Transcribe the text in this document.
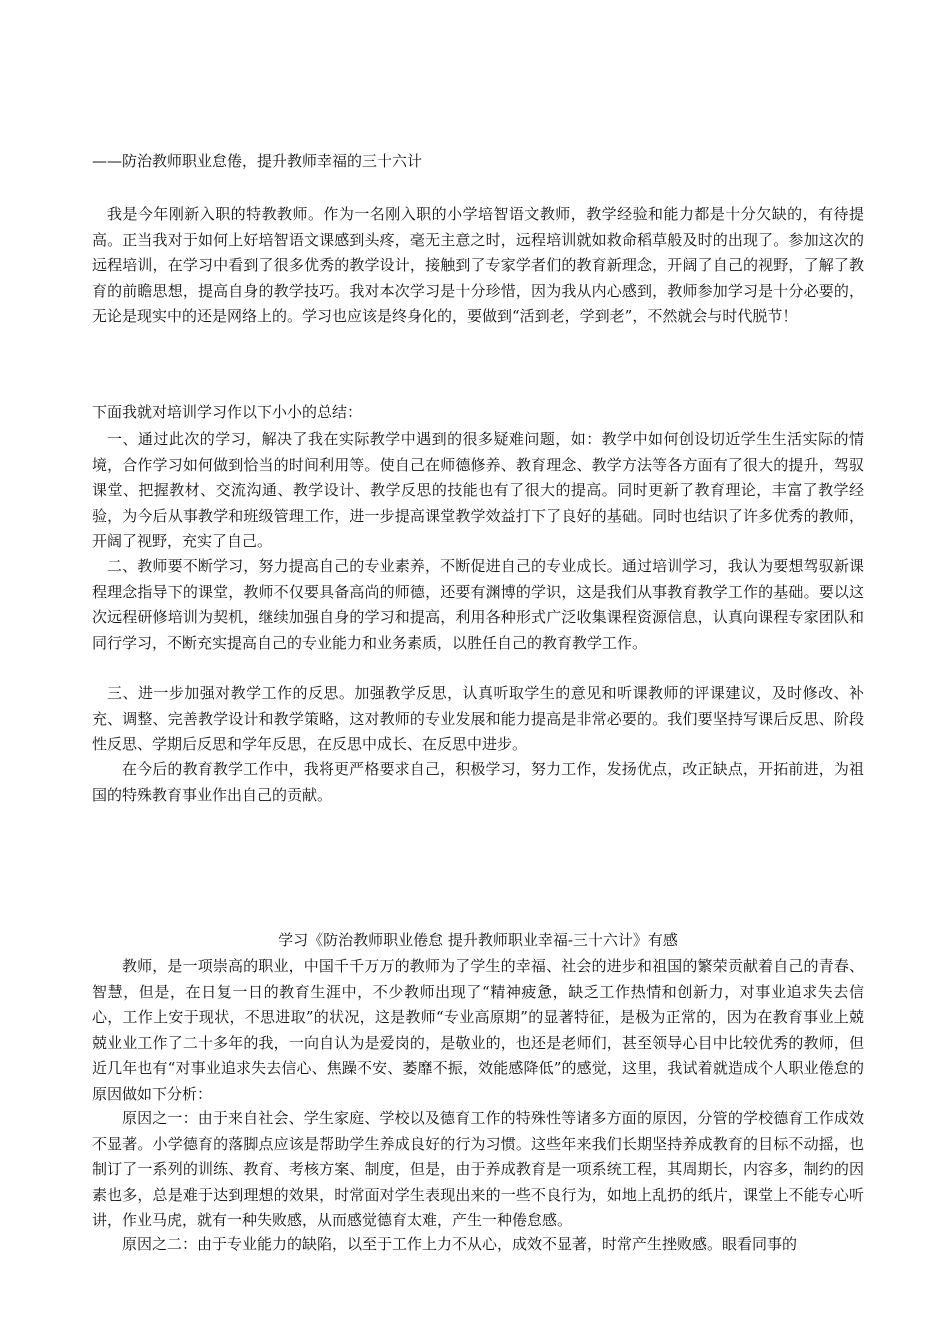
——防治教师职业怠倦，提升教师幸福的三十六计

我是今年刚新入职的特教教师。作为一名刚入职的小学培智语文教师，教学经验和能力都是十分欠缺的，有待提高。正当我对于如何上好培智语文课感到头疼，毫无主意之时，远程培训就如救命稻草般及时的出现了。参加这次的远程培训，在学习中看到了很多优秀的教学设计，接触到了专家学者们的教育新理念，开阔了自己的视野，了解了教育的前瞻思想，提高自身的教学技巧。我对本次学习是十分珍惜，因为我从内心感到，教师参加学习是十分必要的，无论是现实中的还是网络上的。学习也应该是终身化的，要做到“活到老，学到老”，不然就会与时代脱节！

下面我就对培训学习作以下小小的总结：

一、通过此次的学习，解决了我在实际教学中遇到的很多疑难问题，如：教学中如何创设切近学生生活实际的情境，合作学习如何做到恰当的时间利用等。使自己在师德修养、教育理念、教学方法等各方面有了很大的提升，驾驭课堂、把握教材、交流沟通、教学设计、教学反思的技能也有了很大的提高。同时更新了教育理论，丰富了教学经验，为今后从事教学和班级管理工作，进一步提高课堂教学效益打下了良好的基础。同时也结识了许多优秀的教师，开阔了视野，充实了自己。

二、教师要不断学习，努力提高自己的专业素养，不断促进自己的专业成长。通过培训学习，我认为要想驾驭新课程理念指导下的课堂，教师不仅要具备高尚的师德，还要有渊博的学识，这是我们从事教育教学工作的基础。要以这次远程研修培训为契机，继续加强自身的学习和提高，利用各种形式广泛收集课程资源信息，认真向课程专家团队和同行学习，不断充实提高自己的专业能力和业务素质，以胜任自己的教育教学工作。

三、进一步加强对教学工作的反思。加强教学反思，认真听取学生的意见和听课教师的评课建议，及时修改、补充、调整、完善教学设计和教学策略，这对教师的专业发展和能力提高是非常必要的。我们要坚持写课后反思、阶段性反思、学期后反思和学年反思，在反思中成长、在反思中进步。

在今后的教育教学工作中，我将更严格要求自己，积极学习，努力工作，发扬优点，改正缺点，开拓前进，为祖国的特殊教育事业作出自己的贡献。

学习《防治教师职业倦怠 提升教师职业幸福-三十六计》有感

教师，是一项崇高的职业，中国千千万万的教师为了学生的幸福、社会的进步和祖国的繁荣贡献着自己的青春、智慧，但是，在日复一日的教育生涯中，不少教师出现了“精神疲惫，缺乏工作热情和创新力，对事业追求失去信心，工作上安于现状，不思进取”的状况，这是教师“专业高原期”的显著特征，是极为正常的，因为在教育事业上兢兢业业工作了二十多年的我，一向自认为是爱岗的，是敬业的，也还是老师们，甚至领导心目中比较优秀的教师，但近几年也有“对事业追求失去信心、焦躁不安、萎靡不振，效能感降低”的感觉，这里，我试着就造成个人职业倦怠的原因做如下分析：

原因之一：由于来自社会、学生家庭、学校以及德育工作的特殊性等诸多方面的原因，分管的学校德育工作成效不显著。小学德育的落脚点应该是帮助学生养成良好的行为习惯。这些年来我们长期坚持养成教育的目标不动摇，也制订了一系列的训练、教育、考核方案、制度，但是，由于养成教育是一项系统工程，其周期长，内容多，制约的因素也多，总是难于达到理想的效果，时常面对学生表现出来的一些不良行为，如地上乱扔的纸片，课堂上不能专心听讲，作业马虎，就有一种失败感，从而感觉德育太难，产生一种倦怠感。

原因之二：由于专业能力的缺陷，以至于工作上力不从心，成效不显著，时常产生挫败感。眼看同事的
